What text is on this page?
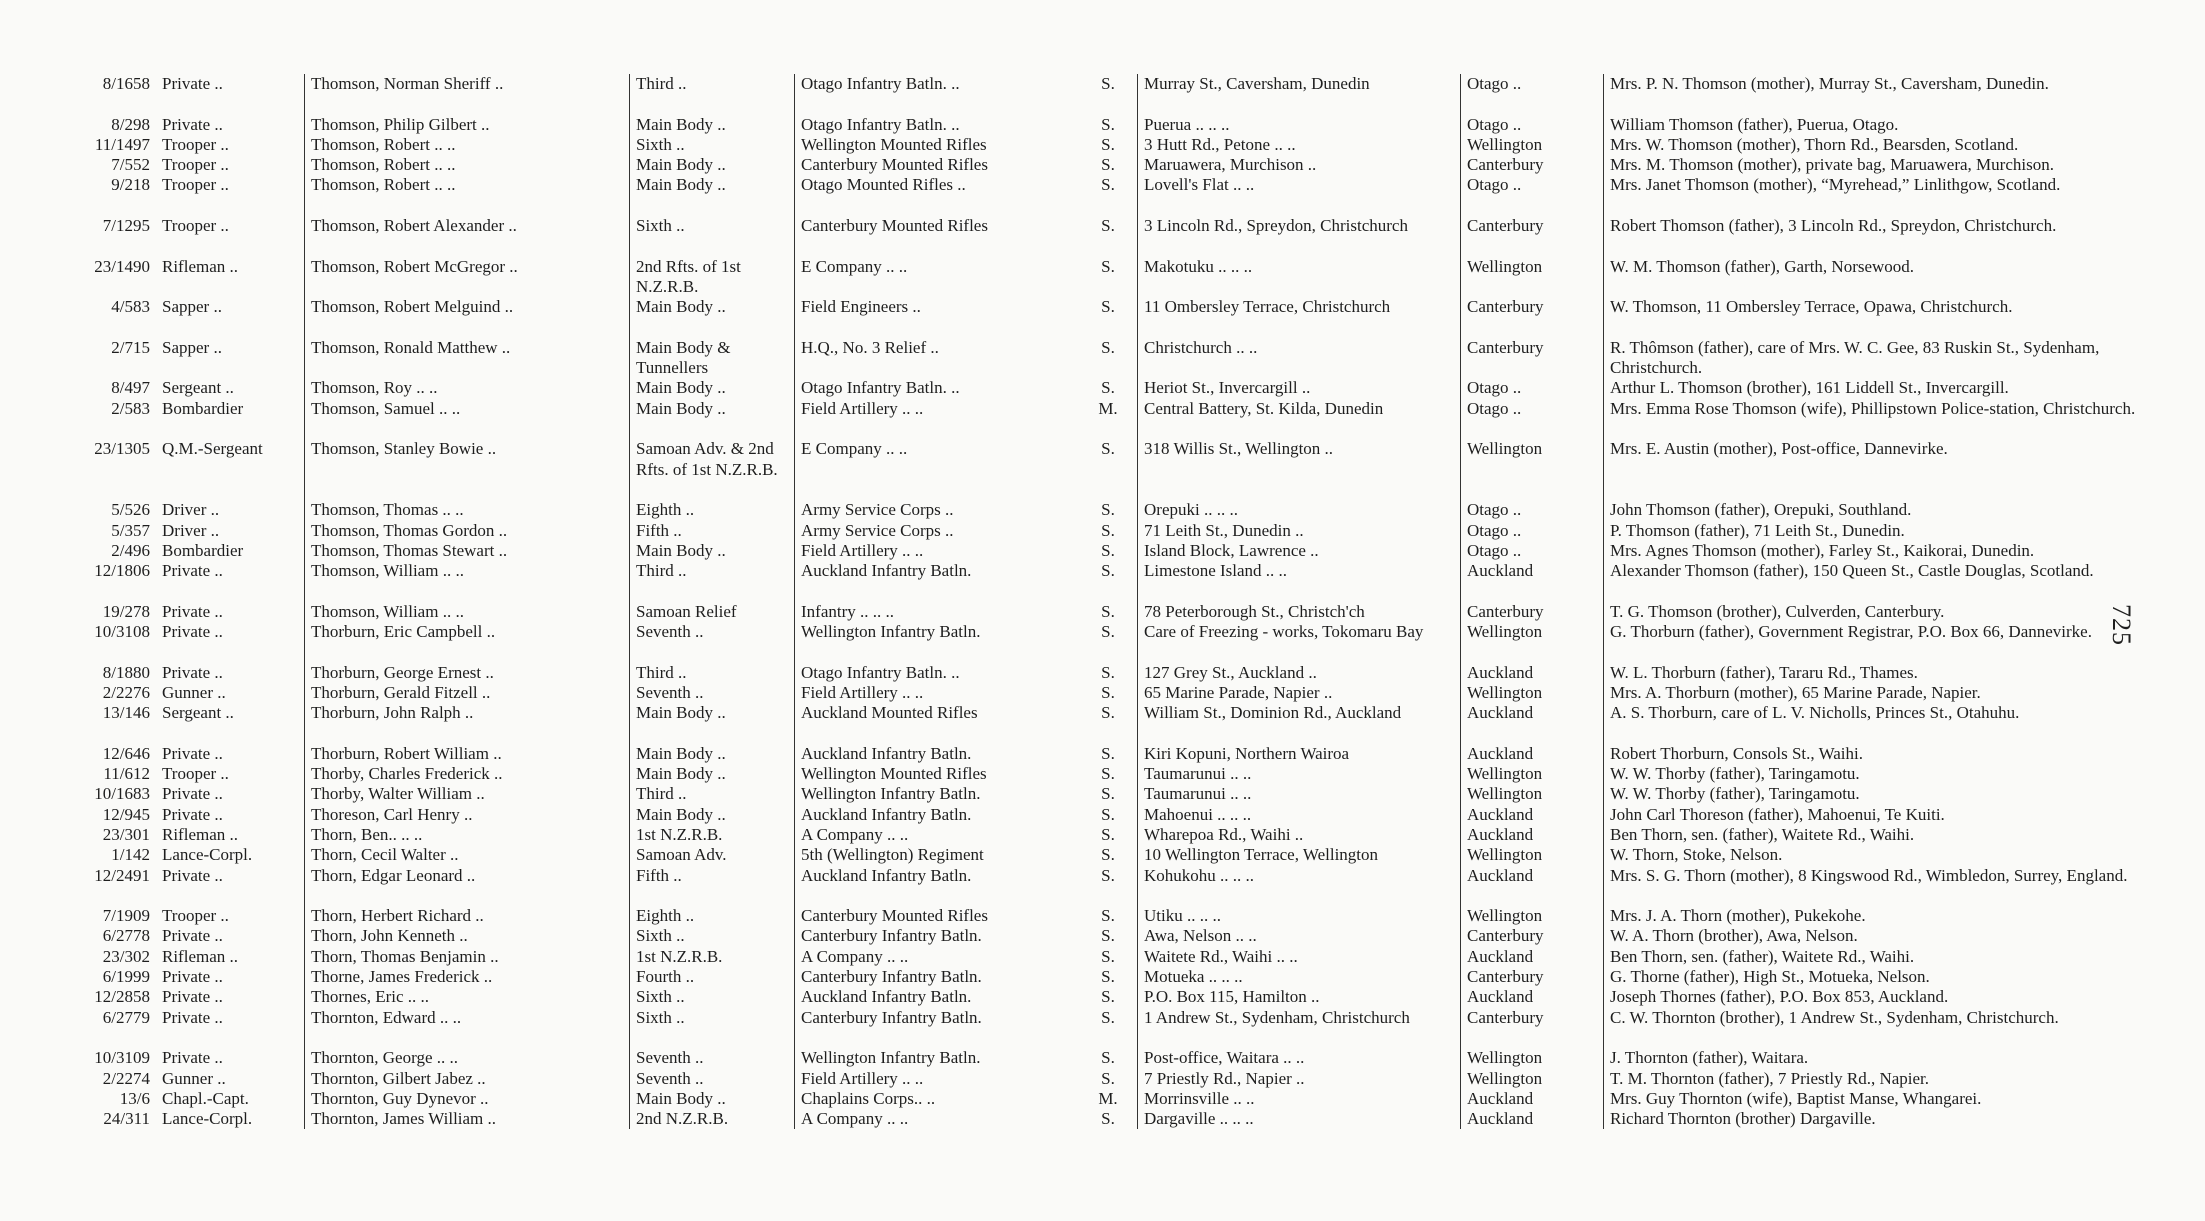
8/1658	Private ..	Thomson, Norman Sheriff ..	Third ..	Otago Infantry Batln. ..	S.	Murray St., Caversham, Dunedin	Otago ..	Mrs. P. N. Thomson (mother), Murray St., Caversham, Dunedin.
8/298	Private ..	Thomson, Philip Gilbert ..	Main Body ..	Otago Infantry Batln. ..	S.	Puerua .. .. ..	Otago ..	William Thomson (father), Puerua, Otago.
11/1497	Trooper ..	Thomson, Robert .. ..	Sixth ..	Wellington Mounted Rifles	S.	3 Hutt Rd., Petone .. ..	Wellington	Mrs. W. Thomson (mother), Thorn Rd., Bearsden, Scotland.
7/552	Trooper ..	Thomson, Robert .. ..	Main Body ..	Canterbury Mounted Rifles	S.	Maruawera, Murchison ..	Canterbury	Mrs. M. Thomson (mother), private bag, Maruawera, Murchison.
9/218	Trooper ..	Thomson, Robert .. ..	Main Body ..	Otago Mounted Rifles ..	S.	Lovell's Flat .. ..	Otago ..	Mrs. Janet Thomson (mother), “Myrehead,” Linlithgow, Scotland.
7/1295	Trooper ..	Thomson, Robert Alexander ..	Sixth ..	Canterbury Mounted Rifles	S.	3 Lincoln Rd., Spreydon, Christchurch	Canterbury	Robert Thomson (father), 3 Lincoln Rd., Spreydon, Christchurch.
23/1490	Rifleman ..	Thomson, Robert McGregor ..	2nd Rfts. of 1st N.Z.R.B.	E Company .. ..	S.	Makotuku .. .. ..	Wellington	W. M. Thomson (father), Garth, Norsewood.
4/583	Sapper ..	Thomson, Robert Melguind ..	Main Body ..	Field Engineers ..	S.	11 Ombersley Terrace, Christchurch	Canterbury	W. Thomson, 11 Ombersley Terrace, Opawa, Christchurch.
2/715	Sapper ..	Thomson, Ronald Matthew ..	Main Body & Tunnellers	H.Q., No. 3 Relief ..	S.	Christchurch .. ..	Canterbury	R. Thômson (father), care of Mrs. W. C. Gee, 83 Ruskin St., Sydenham, Christchurch.
8/497	Sergeant ..	Thomson, Roy .. ..	Main Body ..	Otago Infantry Batln. ..	S.	Heriot St., Invercargill ..	Otago ..	Arthur L. Thomson (brother), 161 Liddell St., Invercargill.
2/583	Bombardier	Thomson, Samuel .. ..	Main Body ..	Field Artillery .. ..	M.	Central Battery, St. Kilda, Dunedin	Otago ..	Mrs. Emma Rose Thomson (wife), Phillipstown Police-station, Christchurch.
23/1305	Q.M.-Sergeant	Thomson, Stanley Bowie ..	Samoan Adv. & 2nd Rfts. of 1st N.Z.R.B.	E Company .. ..	S.	318 Willis St., Wellington ..	Wellington	Mrs. E. Austin (mother), Post-office, Dannevirke.
5/526	Driver ..	Thomson, Thomas .. ..	Eighth ..	Army Service Corps ..	S.	Orepuki .. .. ..	Otago ..	John Thomson (father), Orepuki, Southland.
5/357	Driver ..	Thomson, Thomas Gordon ..	Fifth ..	Army Service Corps ..	S.	71 Leith St., Dunedin ..	Otago ..	P. Thomson (father), 71 Leith St., Dunedin.
2/496	Bombardier	Thomson, Thomas Stewart ..	Main Body ..	Field Artillery .. ..	S.	Island Block, Lawrence ..	Otago ..	Mrs. Agnes Thomson (mother), Farley St., Kaikorai, Dunedin.
12/1806	Private ..	Thomson, William .. ..	Third ..	Auckland Infantry Batln.	S.	Limestone Island .. ..	Auckland	Alexander Thomson (father), 150 Queen St., Castle Douglas, Scotland.
19/278	Private ..	Thomson, William .. ..	Samoan Relief	Infantry .. .. ..	S.	78 Peterborough St., Christch'ch	Canterbury	T. G. Thomson (brother), Culverden, Canterbury.
10/3108	Private ..	Thorburn, Eric Campbell ..	Seventh ..	Wellington Infantry Batln.	S.	Care of Freezing - works, Tokomaru Bay	Wellington	G. Thorburn (father), Government Registrar, P.O. Box 66, Dannevirke.
8/1880	Private ..	Thorburn, George Ernest ..	Third ..	Otago Infantry Batln. ..	S.	127 Grey St., Auckland ..	Auckland	W. L. Thorburn (father), Tararu Rd., Thames.
2/2276	Gunner ..	Thorburn, Gerald Fitzell ..	Seventh ..	Field Artillery .. ..	S.	65 Marine Parade, Napier ..	Wellington	Mrs. A. Thorburn (mother), 65 Marine Parade, Napier.
13/146	Sergeant ..	Thorburn, John Ralph ..	Main Body ..	Auckland Mounted Rifles	S.	William St., Dominion Rd., Auckland	Auckland	A. S. Thorburn, care of L. V. Nicholls, Princes St., Otahuhu.
12/646	Private ..	Thorburn, Robert William ..	Main Body ..	Auckland Infantry Batln.	S.	Kiri Kopuni, Northern Wairoa	Auckland	Robert Thorburn, Consols St., Waihi.
11/612	Trooper ..	Thorby, Charles Frederick ..	Main Body ..	Wellington Mounted Rifles	S.	Taumarunui .. ..	Wellington	W. W. Thorby (father), Taringamotu.
10/1683	Private ..	Thorby, Walter William ..	Third ..	Wellington Infantry Batln.	S.	Taumarunui .. ..	Wellington	W. W. Thorby (father), Taringamotu.
12/945	Private ..	Thoreson, Carl Henry ..	Main Body ..	Auckland Infantry Batln.	S.	Mahoenui .. .. ..	Auckland	John Carl Thoreson (father), Mahoenui, Te Kuiti.
23/301	Rifleman ..	Thorn, Ben.. .. ..	1st N.Z.R.B.	A Company .. ..	S.	Wharepoa Rd., Waihi ..	Auckland	Ben Thorn, sen. (father), Waitete Rd., Waihi.
1/142	Lance-Corpl.	Thorn, Cecil Walter ..	Samoan Adv.	5th (Wellington) Regiment	S.	10 Wellington Terrace, Wellington	Wellington	W. Thorn, Stoke, Nelson.
12/2491	Private ..	Thorn, Edgar Leonard ..	Fifth ..	Auckland Infantry Batln.	S.	Kohukohu .. .. ..	Auckland	Mrs. S. G. Thorn (mother), 8 Kingswood Rd., Wimbledon, Surrey, England.
7/1909	Trooper ..	Thorn, Herbert Richard ..	Eighth ..	Canterbury Mounted Rifles	S.	Utiku .. .. ..	Wellington	Mrs. J. A. Thorn (mother), Pukekohe.
6/2778	Private ..	Thorn, John Kenneth ..	Sixth ..	Canterbury Infantry Batln.	S.	Awa, Nelson .. ..	Canterbury	W. A. Thorn (brother), Awa, Nelson.
23/302	Rifleman ..	Thorn, Thomas Benjamin ..	1st N.Z.R.B.	A Company .. ..	S.	Waitete Rd., Waihi .. ..	Auckland	Ben Thorn, sen. (father), Waitete Rd., Waihi.
6/1999	Private ..	Thorne, James Frederick ..	Fourth ..	Canterbury Infantry Batln.	S.	Motueka .. .. ..	Canterbury	G. Thorne (father), High St., Motueka, Nelson.
12/2858	Private ..	Thornes, Eric .. ..	Sixth ..	Auckland Infantry Batln.	S.	P.O. Box 115, Hamilton ..	Auckland	Joseph Thornes (father), P.O. Box 853, Auckland.
6/2779	Private ..	Thornton, Edward .. ..	Sixth ..	Canterbury Infantry Batln.	S.	1 Andrew St., Sydenham, Christchurch	Canterbury	C. W. Thornton (brother), 1 Andrew St., Sydenham, Christchurch.
10/3109	Private ..	Thornton, George .. ..	Seventh ..	Wellington Infantry Batln.	S.	Post-office, Waitara .. ..	Wellington	J. Thornton (father), Waitara.
2/2274	Gunner ..	Thornton, Gilbert Jabez ..	Seventh ..	Field Artillery .. ..	S.	7 Priestly Rd., Napier ..	Wellington	T. M. Thornton (father), 7 Priestly Rd., Napier.
13/6	Chapl.-Capt.	Thornton, Guy Dynevor ..	Main Body ..	Chaplains Corps.. ..	M.	Morrinsville .. ..	Auckland	Mrs. Guy Thornton (wife), Baptist Manse, Whangarei.
24/311	Lance-Corpl.	Thornton, James William ..	2nd N.Z.R.B.	A Company .. ..	S.	Dargaville .. .. ..	Auckland	Richard Thornton (brother) Dargaville.
725
